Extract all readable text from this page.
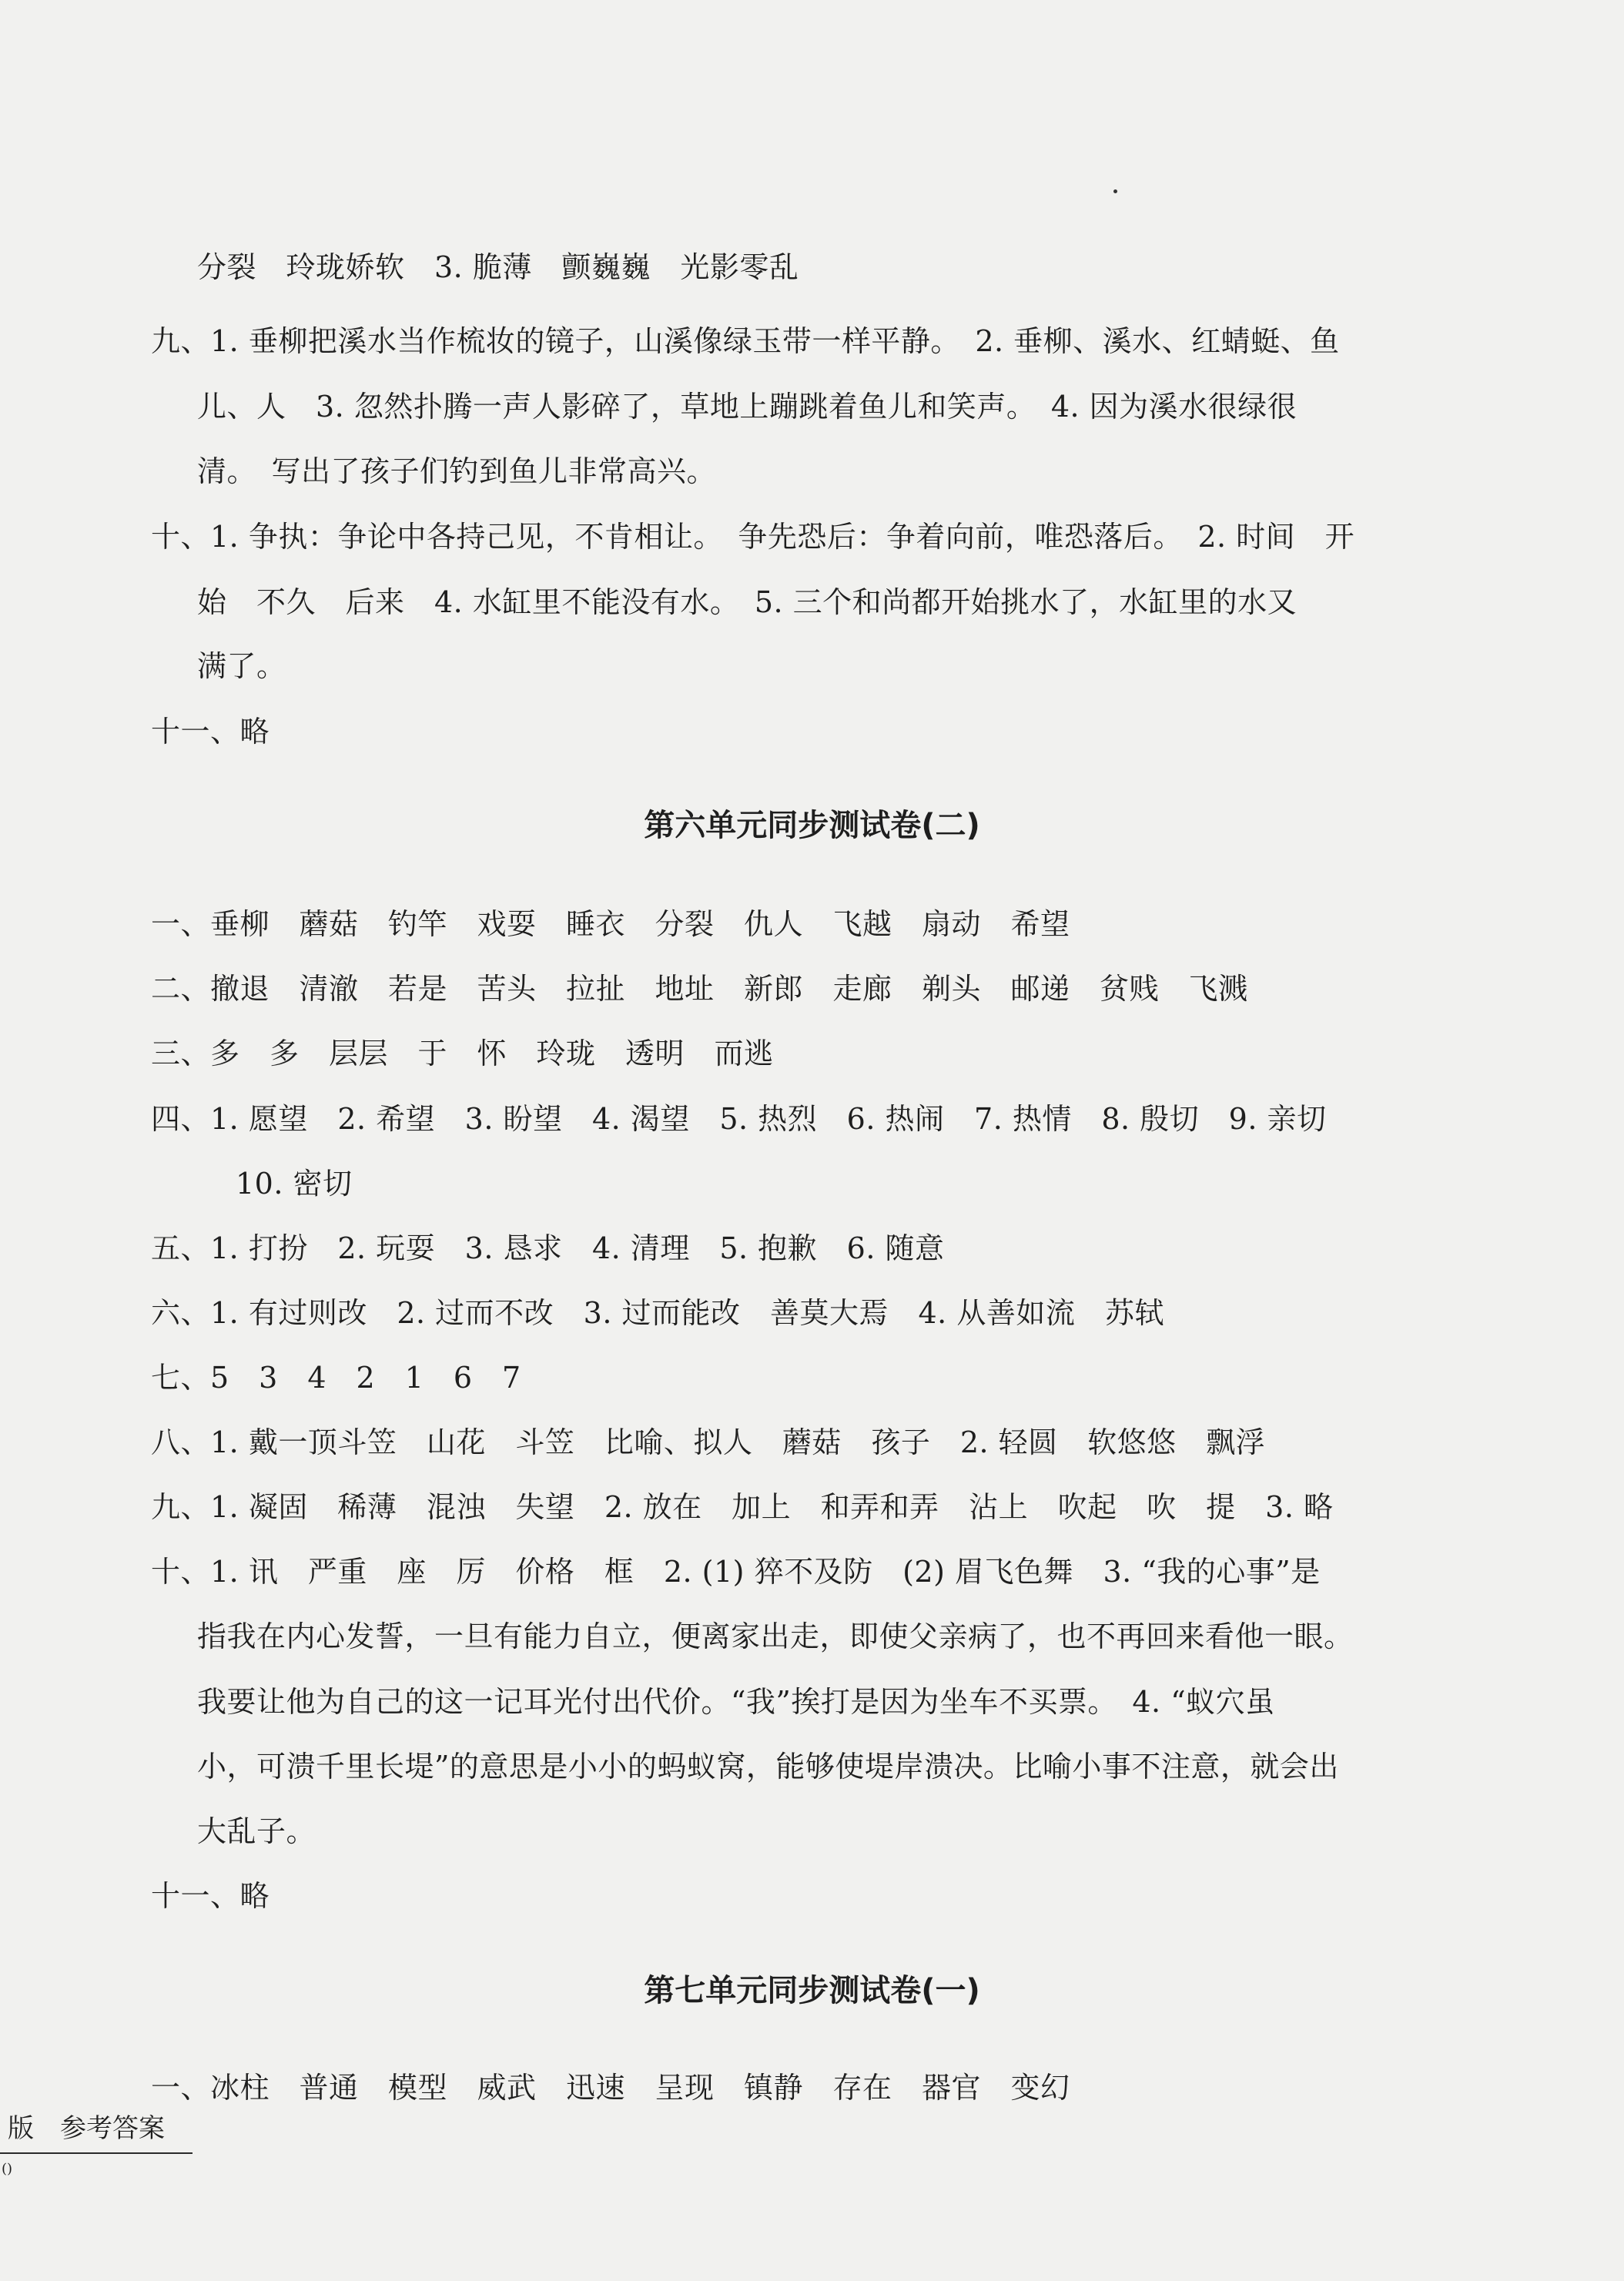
分裂　玲珑娇软　3. 脆薄　颤巍巍　光影零乱
九、1. 垂柳把溪水当作梳妆的镜子，山溪像绿玉带一样平静。　2. 垂柳、溪水、红蜻蜓、鱼
儿、人　3. 忽然扑腾一声人影碎了，草地上蹦跳着鱼儿和笑声。　4. 因为溪水很绿很
清。　写出了孩子们钓到鱼儿非常高兴。
十、1. 争执：争论中各持己见，不肯相让。　争先恐后：争着向前，唯恐落后。　2. 时间　开
始　不久　后来　4. 水缸里不能没有水。　5. 三个和尚都开始挑水了，水缸里的水又
满了。
十一、略
第六单元同步测试卷(二)
一、垂柳　蘑菇　钓竿　戏耍　睡衣　分裂　仇人　飞越　扇动　希望
二、撤退　清澈　若是　苦头　拉扯　地址　新郎　走廊　剃头　邮递　贫贱　飞溅
三、多　多　层层　于　怀　玲珑　透明　而逃
四、1. 愿望　2. 希望　3. 盼望　4. 渴望　5. 热烈　6. 热闹　7. 热情　8. 殷切　9. 亲切
10. 密切
五、1. 打扮　2. 玩耍　3. 恳求　4. 清理　5. 抱歉　6. 随意
六、1. 有过则改　2. 过而不改　3. 过而能改　善莫大焉　4. 从善如流　苏轼
七、5　3　4　2　1　6　7
八、1. 戴一顶斗笠　山花　斗笠　比喻、拟人　蘑菇　孩子　2. 轻圆　软悠悠　飘浮
九、1. 凝固　稀薄　混浊　失望　2. 放在　加上　和弄和弄　沾上　吹起　吹　提　3. 略
十、1. 讯　严重　座　厉　价格　框　2. (1) 猝不及防　(2) 眉飞色舞　3. “我的心事”是
指我在内心发誓，一旦有能力自立，便离家出走，即使父亲病了，也不再回来看他一眼。
我要让他为自己的这一记耳光付出代价。“我”挨打是因为坐车不买票。　4. “蚁穴虽
小，可溃千里长堤”的意思是小小的蚂蚁窝，能够使堤岸溃决。比喻小事不注意，就会出
大乱子。
十一、略
第七单元同步测试卷(一)
一、冰柱　普通　模型　威武　迅速　呈现　镇静　存在　器官　变幻
版　参考答案
()
